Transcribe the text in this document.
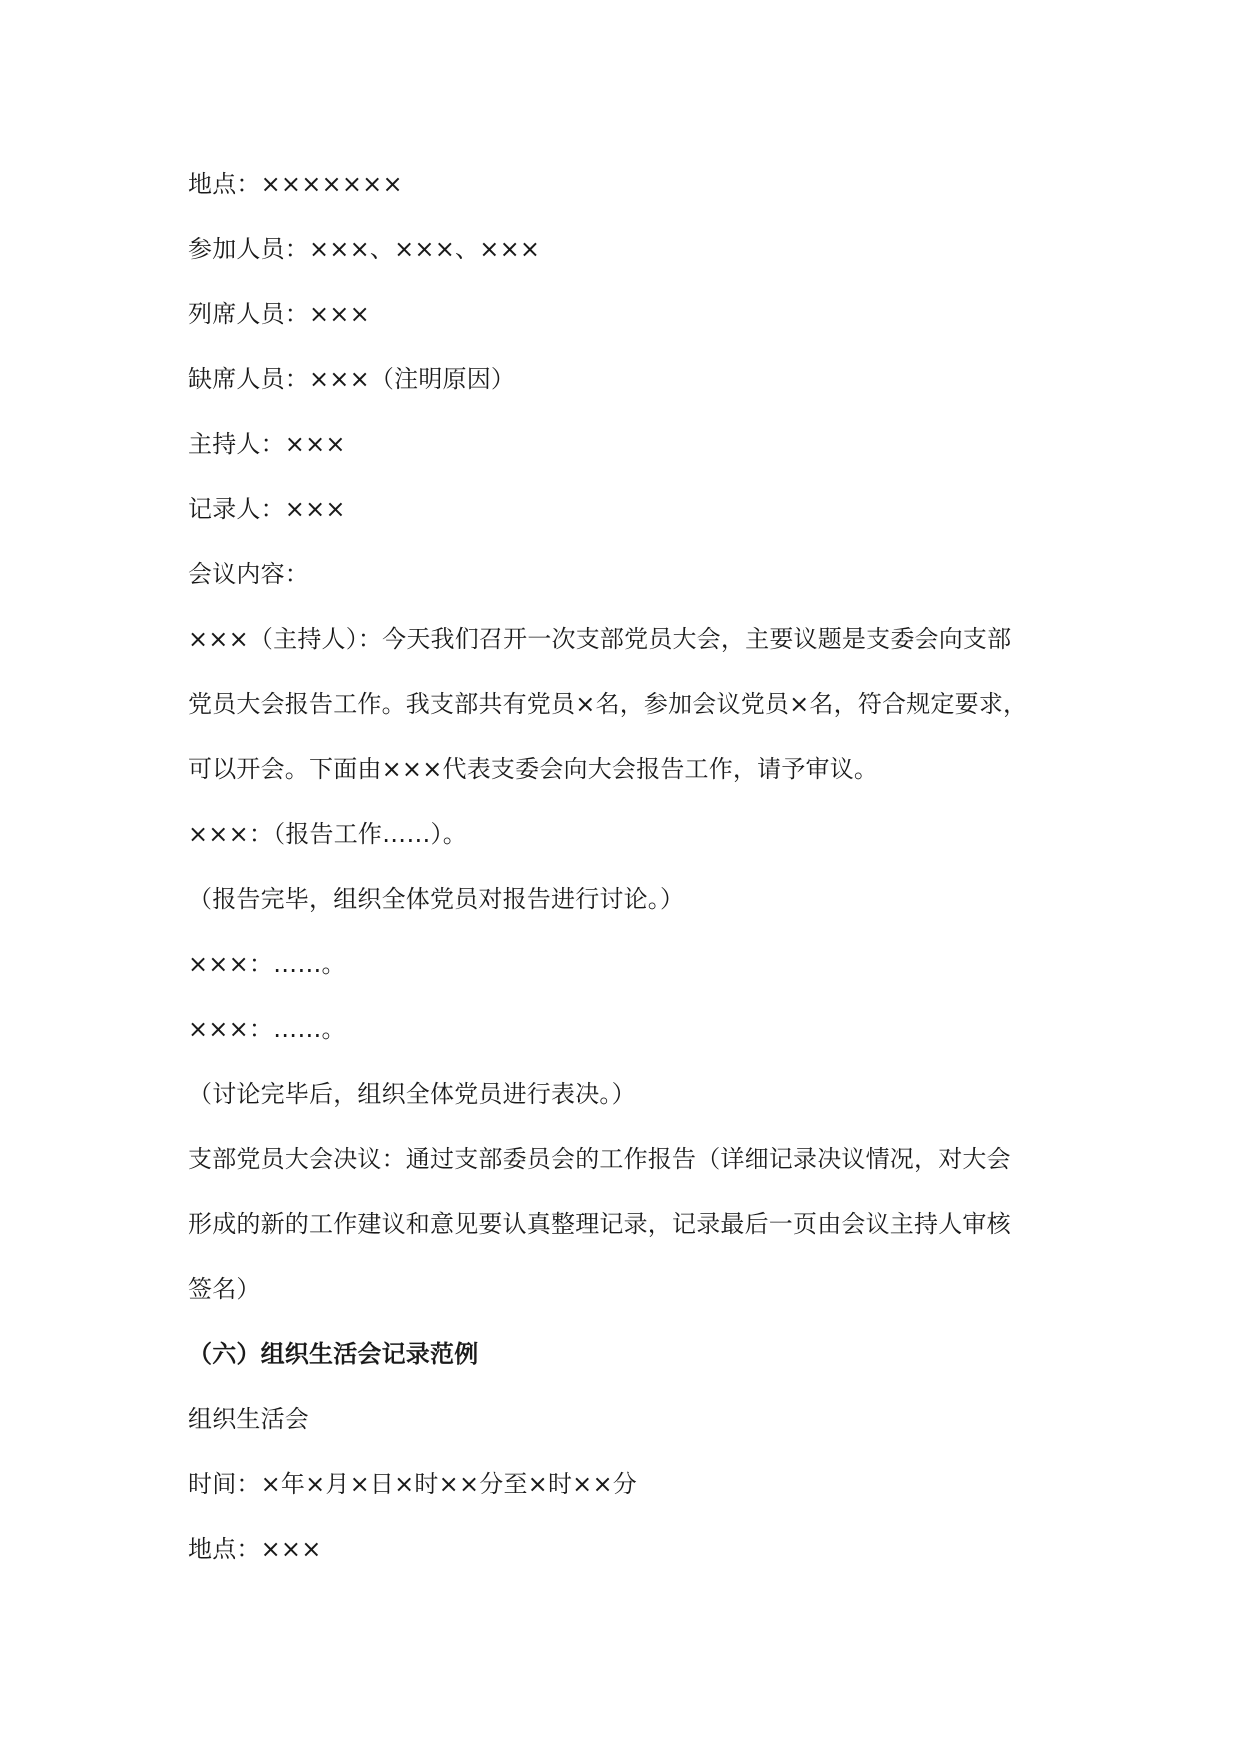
地点：×××××××
参加人员：×××、×××、×××
列席人员：×××
缺席人员：×××（注明原因）
主持人：×××
记录人：×××
会议内容：
×××（主持人）：今天我们召开一次支部党员大会，主要议题是支委会向支部
党员大会报告工作。我支部共有党员×名，参加会议党员×名，符合规定要求，
可以开会。下面由×××代表支委会向大会报告工作，请予审议。
×××：（报告工作……）。
（报告完毕，组织全体党员对报告进行讨论。）
×××：……。
×××：……。
（讨论完毕后，组织全体党员进行表决。）
支部党员大会决议：通过支部委员会的工作报告（详细记录决议情况，对大会
形成的新的工作建议和意见要认真整理记录，记录最后一页由会议主持人审核
签名）
（六）组织生活会记录范例
组织生活会
时间：×年×月×日×时××分至×时××分
地点：×××
